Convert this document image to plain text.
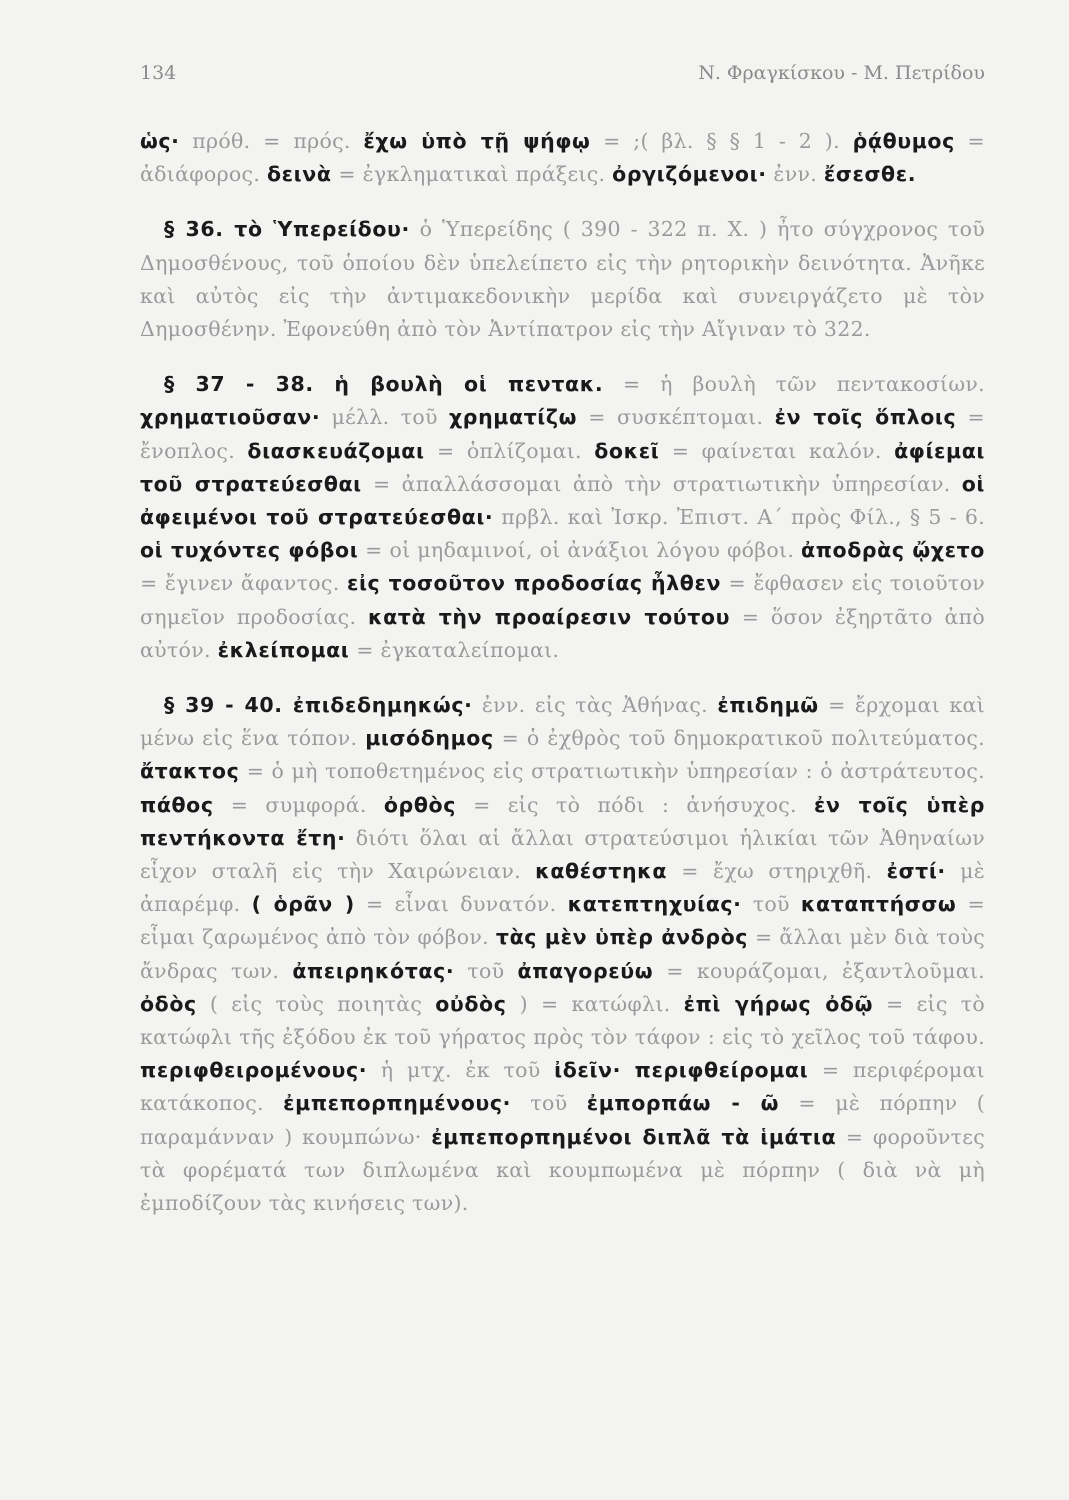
134	Ν. Φραγκίσκου - Μ. Πετρίδου

ὡς· πρόθ. = πρός. ἔχω ὑπὸ τῇ ψήφῳ = ;( βλ. § § 1 - 2 ). ῥᾴθυμος = ἀδιάφορος. δεινὰ = ἐγκληματικαὶ πράξεις. ὀργιζόμενοι· ἐνν. ἔσεσθε.

§ 36. τὸ Ὑπερείδου· ὁ Ὑπερείδης ( 390 - 322 π. Χ. ) ἦτο σύγχρονος τοῦ Δημοσθένους, τοῦ ὁποίου δὲν ὑπελείπετο εἰς τὴν ρητορικὴν δεινότητα. Ἀνῆκε καὶ αὐτὸς εἰς τὴν ἀντιμακεδονικὴν μερίδα καὶ συνειργάζετο μὲ τὸν Δημοσθένην. Ἐφονεύθη ἀπὸ τὸν Ἀντίπατρον εἰς τὴν Αἴγιναν τὸ 322.

§ 37 - 38. ἡ βουλὴ οἱ πεντακ. = ἡ βουλὴ τῶν πεντακοσίων. χρηματιοῦσαν· μέλλ. τοῦ χρηματίζω = συσκέπτομαι. ἐν τοῖς ὅπλοις = ἔνοπλος. διασκευάζομαι = ὁπλίζομαι. δοκεῖ = φαίνεται καλόν. ἀφίεμαι τοῦ στρατεύεσθαι = ἀπαλλάσσομαι ἀπὸ τὴν στρατιωτικὴν ὑπηρεσίαν. οἱ ἀφειμένοι τοῦ στρατεύεσθαι· πρβλ. καὶ Ἰσκρ. Ἐπιστ. Α΄ πρὸς Φίλ., § 5 - 6. οἱ τυχόντες φόβοι = οἱ μηδαμινοί, οἱ ἀνάξιοι λόγου φόβοι. ἀποδρὰς ᾤχετο = ἔγινεν ἄφαντος. εἰς τοσοῦτον προδοσίας ἦλθεν = ἔφθασεν εἰς τοιοῦτον σημεῖον προδοσίας. κατὰ τὴν προαίρεσιν τούτου = ὅσον ἐξηρτᾶτο ἀπὸ αὐτόν. ἐκλείπομαι = ἐγκαταλείπομαι.

§ 39 - 40. ἐπιδεδημηκώς· ἐνν. εἰς τὰς Ἀθήνας. ἐπιδημῶ = ἔρχομαι καὶ μένω εἰς ἕνα τόπον. μισόδημος = ὁ ἐχθρὸς τοῦ δημοκρατικοῦ πολιτεύματος. ἄτακτος = ὁ μὴ τοποθετημένος εἰς στρατιωτικὴν ὑπηρεσίαν : ὁ ἀστράτευτος. πάθος = συμφορά. ὀρθὸς = εἰς τὸ πόδι : ἀνήσυχος. ἐν τοῖς ὑπὲρ πεντήκοντα ἔτη· διότι ὅλαι αἱ ἄλλαι στρατεύσιμοι ἡλικίαι τῶν Ἀθηναίων εἶχον σταλῆ εἰς τὴν Χαιρώνειαν. καθέστηκα = ἔχω στηριχθῆ. ἐστί· μὲ ἀπαρέμφ. ( ὁρᾶν ) = εἶναι δυνατόν. κατεπτηχυίας· τοῦ καταπτήσσω = εἶμαι ζαρωμένος ἀπὸ τὸν φόβον. τὰς μὲν ὑπὲρ ἀνδρὸς = ἄλλαι μὲν διὰ τοὺς ἄνδρας των. ἀπειρηκότας· τοῦ ἀπαγορεύω = κουράζομαι, ἐξαντλοῦμαι. ὀδὸς ( εἰς τοὺς ποιητὰς οὐδὸς ) = κατώφλι. ἐπὶ γήρως ὀδῷ = εἰς τὸ κατώφλι τῆς ἐξόδου ἐκ τοῦ γήρατος πρὸς τὸν τάφον : εἰς τὸ χεῖλος τοῦ τάφου. περιφθειρομένους· ἡ μτχ. ἐκ τοῦ ἰδεῖν· περιφθείρομαι = περιφέρομαι κατάκοπος. ἐμπεπορπημένους· τοῦ ἐμπορπάω - ῶ = μὲ πόρπην ( παραμάνναν ) κουμπώνω· ἐμπεπορπημένοι διπλᾶ τὰ ἱμάτια = φοροῦντες τὰ φορέματά των διπλωμένα καὶ κουμπωμένα μὲ πόρπην ( διὰ νὰ μὴ ἐμποδίζουν τὰς κινήσεις των).
